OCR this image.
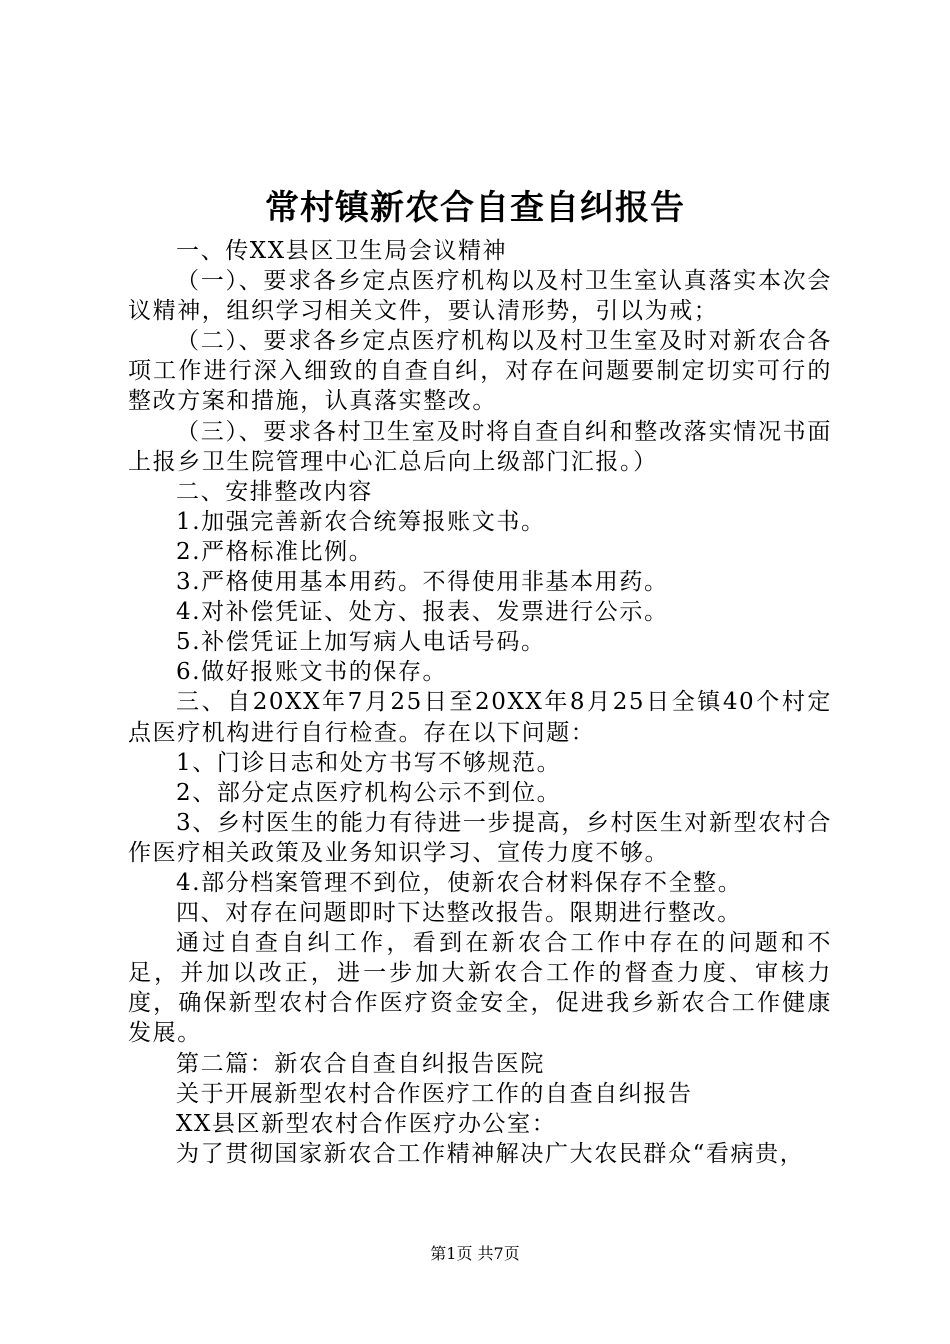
常村镇新农合自查自纠报告

一、传XX县区卫生局会议精神

（一）、要求各乡定点医疗机构以及村卫生室认真落实本次会议精神，组织学习相关文件，要认清形势，引以为戒；

（二）、要求各乡定点医疗机构以及村卫生室及时对新农合各项工作进行深入细致的自查自纠，对存在问题要制定切实可行的整改方案和措施，认真落实整改。

（三）、要求各村卫生室及时将自查自纠和整改落实情况书面上报乡卫生院管理中心汇总后向上级部门汇报。）

二、安排整改内容

1.加强完善新农合统筹报账文书。

2.严格标准比例。

3.严格使用基本用药。不得使用非基本用药。

4.对补偿凭证、处方、报表、发票进行公示。

5.补偿凭证上加写病人电话号码。

6.做好报账文书的保存。

三、自20XX年7月25日至20XX年8月25日全镇40个村定点医疗机构进行自行检查。存在以下问题：

1、门诊日志和处方书写不够规范。

2、部分定点医疗机构公示不到位。

3、乡村医生的能力有待进一步提高，乡村医生对新型农村合作医疗相关政策及业务知识学习、宣传力度不够。

4.部分档案管理不到位，使新农合材料保存不全整。

四、对存在问题即时下达整改报告。限期进行整改。

通过自查自纠工作，看到在新农合工作中存在的问题和不足，并加以改正，进一步加大新农合工作的督查力度、审核力度，确保新型农村合作医疗资金安全，促进我乡新农合工作健康发展。

第二篇：新农合自查自纠报告医院

关于开展新型农村合作医疗工作的自查自纠报告

XX县区新型农村合作医疗办公室：

为了贯彻国家新农合工作精神解决广大农民群众“看病贵，

第1页 共7页
